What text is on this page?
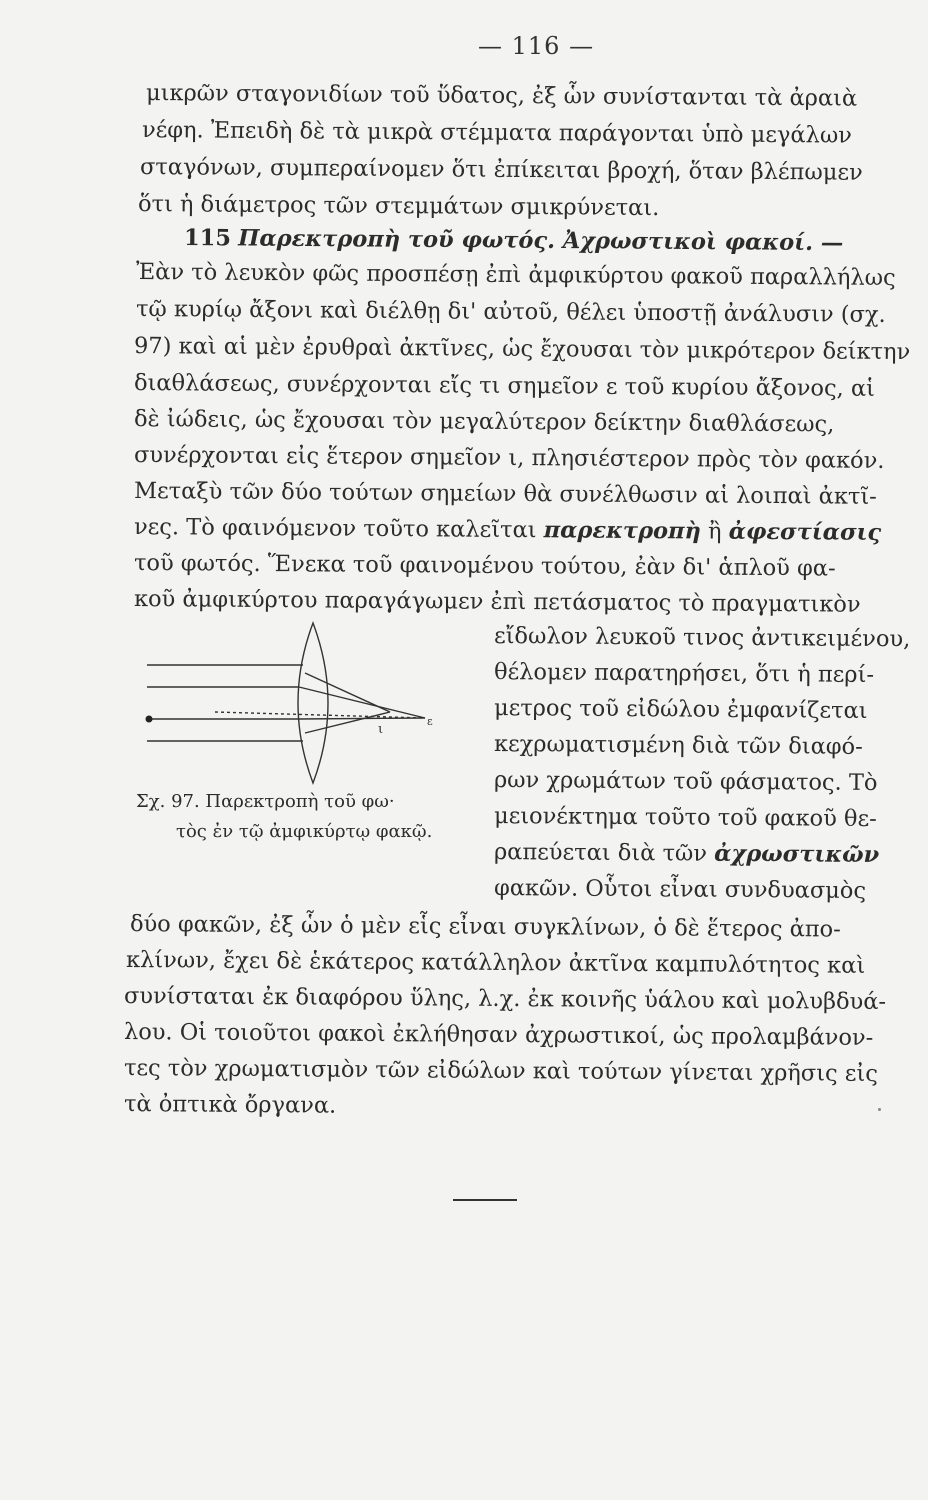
— 116 —
μικρῶν σταγονιδίων τοῦ ὕδατος, ἐξ ὧν συνίστανται τὰ ἀραιὰ
νέφη. Ἐπειδὴ δὲ τὰ μικρὰ στέμματα παράγονται ὑπὸ μεγάλων
σταγόνων, συμπεραίνομεν ὅτι ἐπίκειται βροχή, ὅταν βλέπωμεν
ὅτι ἡ διάμετρος τῶν στεμμάτων σμικρύνεται.
115 Παρεκτροπὴ τοῦ φωτός. Ἀχρωστικοὶ φακοί. —
Ἐὰν τὸ λευκὸν φῶς προσπέσῃ ἐπὶ ἀμφικύρτου φακοῦ παραλλήλως
τῷ κυρίῳ ἄξονι καὶ διέλθῃ δι' αὐτοῦ, θέλει ὑποστῇ ἀνάλυσιν (σχ.
97) καὶ αἱ μὲν ἐρυθραὶ ἀκτῖνες, ὡς ἔχουσαι τὸν μικρότερον δείκτην
διαθλάσεως, συνέρχονται εἴς τι σημεῖον ε τοῦ κυρίου ἄξονος, αἱ
δὲ ἰώδεις, ὡς ἔχουσαι τὸν μεγαλύτερον δείκτην διαθλάσεως,
συνέρχονται εἰς ἕτερον σημεῖον ι, πλησιέστερον πρὸς τὸν φακόν.
Μεταξὺ τῶν δύο τούτων σημείων θὰ συνέλθωσιν αἱ λοιπαὶ ἀκτῖ-
νες. Τὸ φαινόμενον τοῦτο καλεῖται παρεκτροπὴ ἢ ἀφεστίασις
τοῦ φωτός. Ἕνεκα τοῦ φαινομένου τούτου, ἐὰν δι' ἁπλοῦ φα-
κοῦ ἀμφικύρτου παραγάγωμεν ἐπὶ πετάσματος τὸ πραγματικὸν
εἴδωλον λευκοῦ τινος ἀντικειμένου,
θέλομεν παρατηρήσει, ὅτι ἡ περί-
μετρος τοῦ εἰδώλου ἐμφανίζεται
κεχρωματισμένη διὰ τῶν διαφό-
ρων χρωμάτων τοῦ φάσματος. Τὸ
μειονέκτημα τοῦτο τοῦ φακοῦ θε-
ραπεύεται διὰ τῶν ἀχρωστικῶν
φακῶν. Οὗτοι εἶναι συνδυασμὸς
δύο φακῶν, ἐξ ὧν ὁ μὲν εἷς εἶναι συγκλίνων, ὁ δὲ ἕτερος ἀπο-
κλίνων, ἔχει δὲ ἑκάτερος κατάλληλον ἀκτῖνα καμπυλότητος καὶ
συνίσταται ἐκ διαφόρου ὕλης, λ.χ. ἐκ κοινῆς ὑάλου καὶ μολυβδυά-
λου. Οἱ τοιοῦτοι φακοὶ ἐκλήθησαν ἀχρωστικοί, ὡς προλαμβάνον-
τες τὸν χρωματισμὸν τῶν εἰδώλων καὶ τούτων γίνεται χρῆσις εἰς
τὰ ὀπτικὰ ὄργανα.
ι
ε
Σχ. 97. Παρεκτροπὴ τοῦ φω·
τὸς ἐν τῷ ἀμφικύρτῳ φακῷ.
